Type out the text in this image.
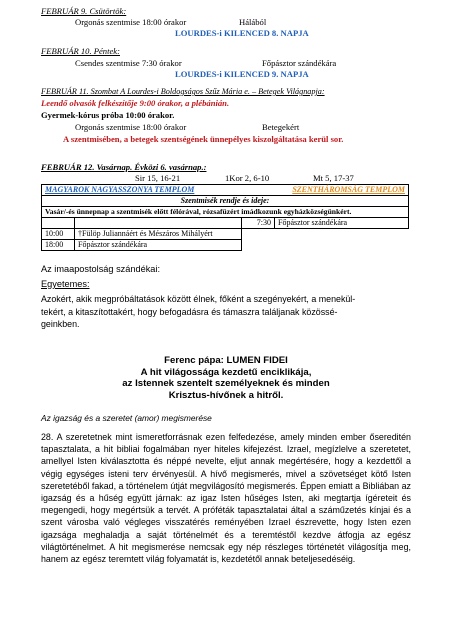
FEBRUÁR 9. Csütörtök:
Orgonás szentmise 18:00 órakor	Hálából
LOURDES-i KILENCED 8. NAPJA
FEBRUÁR 10. Péntek:
Csendes szentmise 7:30 órakor	Főpásztor szándékára
LOURDES-i KILENCED 9. NAPJA
FEBRUÁR 11. Szombat A Lourdes-i Boldogságos Szűz Mária e. – Betegek Világnapja:
Leendő olvasók felkészítője 9:00 órakor, a plébánián.
Gyermek-kórus próba 10:00 órakor.
Orgonás szentmise 18:00 órakor	Betegekért
A szentmisében, a betegek szentségének ünnepélyes kiszolgáltatása kerül sor.
FEBRUÁR 12. Vasárnap. Évközi 6. vasárnap.:
Sir 15, 16-21	1Kor 2, 6-10	Mt 5, 17-37
MAGYAROK NAGYASSZONYA TEMPLOM		SZENTHÁROMSÁG TEMPLOM	
Szentmisék rendje és ideje:			
Vasár/-és ünnepnap a szentmisék előtt félórával, rózsafüzért imádkozunk egyházközségünkért.			
		7:30	Főpásztor szándékára
10:00	†Fülöp Juliannáért és Mészáros Mihályért		
18:00	Főpásztor szándékára		
Az imaapostolság szándékai:
Egyetemes:
Azokért, akik megpróbáltatások között élnek, főként a szegényekért, a menekül-
tekért, a kitaszítottakért, hogy befogadásra és támaszra találjanak közössé-
geinkben.
Ferenc pápa: LUMEN FIDEI
A hit világossága kezdetű enciklikája,
az Istennek szentelt személyeknek és minden
Krisztus-hívőnek a hitről.
Az igazság és a szeretet (amor) megismerése

28. A szeretetnek mint ismeretforrásnak ezen felfedezése, amely minden ember ősereditén tapasztalata, a hit bibliai fogalmában nyer hiteles kifejezést. Izrael, megízlelve a szeretetet, amellyel Isten kiválasztotta és néppé nevelte, eljut annak megértésére, hogy a kezdettől a végig egységes isteni terv érvényesül. A hívő megismerés, mivel a szövetséget kötő Isten szeretetéből fakad, a történelem útját megvilágosító megismerés. Éppen emiatt a Bibliában az igazság és a hűség együtt járnak: az igaz Isten hűséges Isten, aki megtartja ígéreteit és megengedi, hogy megértsük a tervét. A próféták tapasztalatai által a száműzetés kínjai és a szent városba való végleges visszatérés reményében Izrael észrevette, hogy Isten ezen igazsága meghaladja a saját történelmét és a teremtéstől kezdve átfogja az egész világtörténelmet. A hit megismerése nemcsak egy nép részleges történetét világosítja meg, hanem az egész teremtett világ folyamatát is, kezdetétől annak beteljesedéséig.
